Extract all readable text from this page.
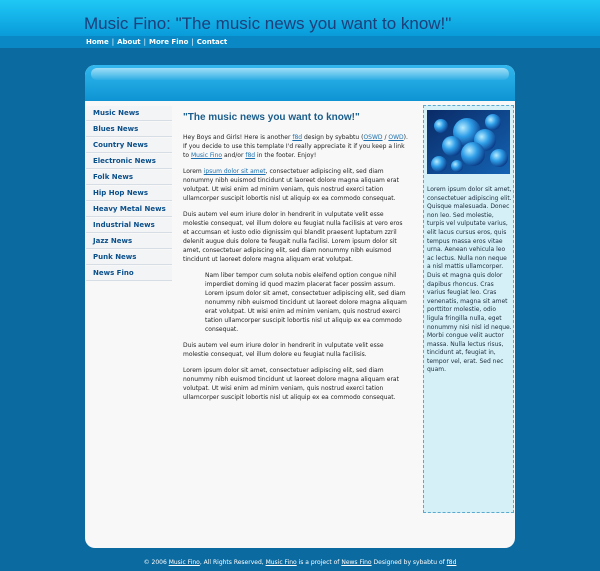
Music Fino: "The music news you want to know!"
Home | About | More Fino | Contact
Music News
Blues News
Country News
Electronic News
Folk News
Hip Hop News
Heavy Metal News
Industrial News
Jazz News
Punk News
News Fino
"The music news you want to know!"

Hey Boys and Girls! Here is another f8d design by sybabtu (OSWD / OWD). If you decide to use this template I'd really appreciate it if you keep a link to Music Fino and/or f8d in the footer. Enjoy!

Lorem ipsum dolor sit amet, consectetuer adipiscing elit, sed diam nonummy nibh euismod tincidunt ut laoreet dolore magna aliquam erat volutpat. Ut wisi enim ad minim veniam, quis nostrud exerci tation ullamcorper suscipit lobortis nisl ut aliquip ex ea commodo consequat.

Duis autem vel eum iriure dolor in hendrerit in vulputate velit esse molestie consequat, vel illum dolore eu feugiat nulla facilisis at vero eros et accumsan et iusto odio dignissim qui blandit praesent luptatum zzril delenit augue duis dolore te feugait nulla facilisi. Lorem ipsum dolor sit amet, consectetuer adipiscing elit, sed diam nonummy nibh euismod tincidunt ut laoreet dolore magna aliquam erat volutpat.

Nam liber tempor cum soluta nobis eleifend option congue nihil imperdiet doming id quod mazim placerat facer possim assum. Lorem ipsum dolor sit amet, consectetuer adipiscing elit, sed diam nonummy nibh euismod tincidunt ut laoreet dolore magna aliquam erat volutpat. Ut wisi enim ad minim veniam, quis nostrud exerci tation ullamcorper suscipit lobortis nisl ut aliquip ex ea commodo consequat.

Duis autem vel eum iriure dolor in hendrerit in vulputate velit esse molestie consequat, vel illum dolore eu feugiat nulla facilisis.

Lorem ipsum dolor sit amet, consectetuer adipiscing elit, sed diam nonummy nibh euismod tincidunt ut laoreet dolore magna aliquam erat volutpat. Ut wisi enim ad minim veniam, quis nostrud exerci tation ullamcorper suscipit lobortis nisl ut aliquip ex ea commodo consequat.

Lorem ipsum dolor sit amet, consectetuer adipiscing elit. Quisque malesuada. Donec non leo. Sed molestie, turpis vel vulputate varius, elit lacus cursus eros, quis tempus massa eros vitae urna. Aenean vehicula leo ac lectus. Nulla non neque a nisl mattis ullamcorper. Duis et magna quis dolor dapibus rhoncus. Cras varius feugiat leo. Cras venenatis, magna sit amet porttitor molestie, odio ligula fringilla nulla, eget nonummy nisi nisl id neque. Morbi congue velit auctor massa. Nulla lectus risus, tincidunt at, feugiat in, tempor vel, erat. Sed nec quam.
© 2006 Music Fino, All Rights Reserved, Music Fino is a project of News Fino Designed by sybabtu of f8d
